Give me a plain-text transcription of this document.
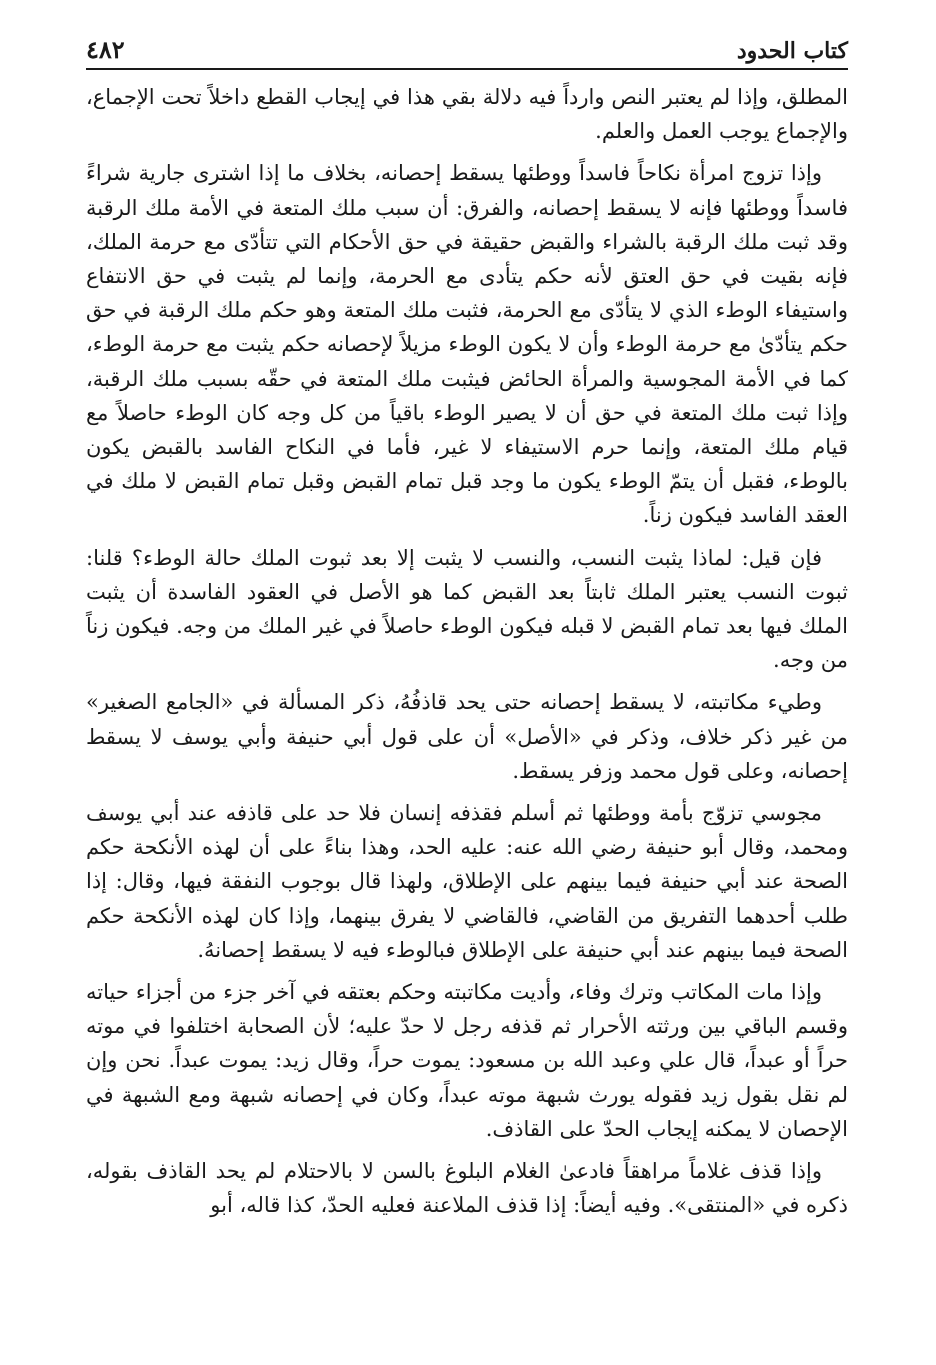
كتاب الحدود
٤٨٢

المطلق، وإذا لم يعتبر النص وارداً فيه دلالة بقي هذا في إيجاب القطع داخلاً تحت الإجماع، والإجماع يوجب العمل والعلم.

وإذا تزوج امرأة نكاحاً فاسداً ووطئها يسقط إحصانه، بخلاف ما إذا اشترى جارية شراءً فاسداً ووطئها فإنه لا يسقط إحصانه، والفرق: أن سبب ملك المتعة في الأمة ملك الرقبة وقد ثبت ملك الرقبة بالشراء والقبض حقيقة في حق الأحكام التي تتأدّى مع حرمة الملك، فإنه بقيت في حق العتق لأنه حكم يتأدى مع الحرمة، وإنما لم يثبت في حق الانتفاع واستيفاء الوطء الذي لا يتأدّى مع الحرمة، فثبت ملك المتعة وهو حكم ملك الرقبة في حق حكم يتأدّىٰ مع حرمة الوطء وأن لا يكون الوطء مزيلاً لإحصانه حكم يثبت مع حرمة الوطء، كما في الأمة المجوسية والمرأة الحائض فيثبت ملك المتعة في حقّه بسبب ملك الرقبة، وإذا ثبت ملك المتعة في حق أن لا يصير الوطء باقياً من كل وجه كان الوطء حاصلاً مع قيام ملك المتعة، وإنما حرم الاستيفاء لا غير، فأما في النكاح الفاسد بالقبض يكون بالوطء، فقبل أن يتمّ الوطء يكون ما وجد قبل تمام القبض وقبل تمام القبض لا ملك في العقد الفاسد فيكون زناً.

فإن قيل: لماذا يثبت النسب، والنسب لا يثبت إلا بعد ثبوت الملك حالة الوطء؟ قلنا: ثبوت النسب يعتبر الملك ثابتاً بعد القبض كما هو الأصل في العقود الفاسدة أن يثبت الملك فيها بعد تمام القبض لا قبله فيكون الوطء حاصلاً في غير الملك من وجه. فيكون زناً من وجه.

وطيء مكاتبته، لا يسقط إحصانه حتى يحد قاذفُهُ، ذكر المسألة في «الجامع الصغير» من غير ذكر خلاف، وذكر في «الأصل» أن على قول أبي حنيفة وأبي يوسف لا يسقط إحصانه، وعلى قول محمد وزفر يسقط.

مجوسي تزوّج بأمة ووطئها ثم أسلم فقذفه إنسان فلا حد على قاذفه عند أبي يوسف ومحمد، وقال أبو حنيفة رضي الله عنه: عليه الحد، وهذا بناءً على أن لهذه الأنكحة حكم الصحة عند أبي حنيفة فيما بينهم على الإطلاق، ولهذا قال بوجوب النفقة فيها، وقال: إذا طلب أحدهما التفريق من القاضي، فالقاضي لا يفرق بينهما، وإذا كان لهذه الأنكحة حكم الصحة فيما بينهم عند أبي حنيفة على الإطلاق فبالوطء فيه لا يسقط إحصانهُ.

وإذا مات المكاتب وترك وفاء، وأديت مكاتبته وحكم بعتقه في آخر جزء من أجزاء حياته وقسم الباقي بين ورثته الأحرار ثم قذفه رجل لا حدّ عليه؛ لأن الصحابة اختلفوا في موته حراً أو عبداً، قال علي وعبد الله بن مسعود: يموت حراً، وقال زيد: يموت عبداً. نحن وإن لم نقل بقول زيد فقوله يورث شبهة موته عبداً، وكان في إحصانه شبهة ومع الشبهة في الإحصان لا يمكنه إيجاب الحدّ على القاذف.

وإذا قذف غلاماً مراهقاً فادعىٰ الغلام البلوغ بالسن لا بالاحتلام لم يحد القاذف بقوله، ذكره في «المنتقى». وفيه أيضاً: إذا قذف الملاعنة فعليه الحدّ، كذا قاله، أبو
